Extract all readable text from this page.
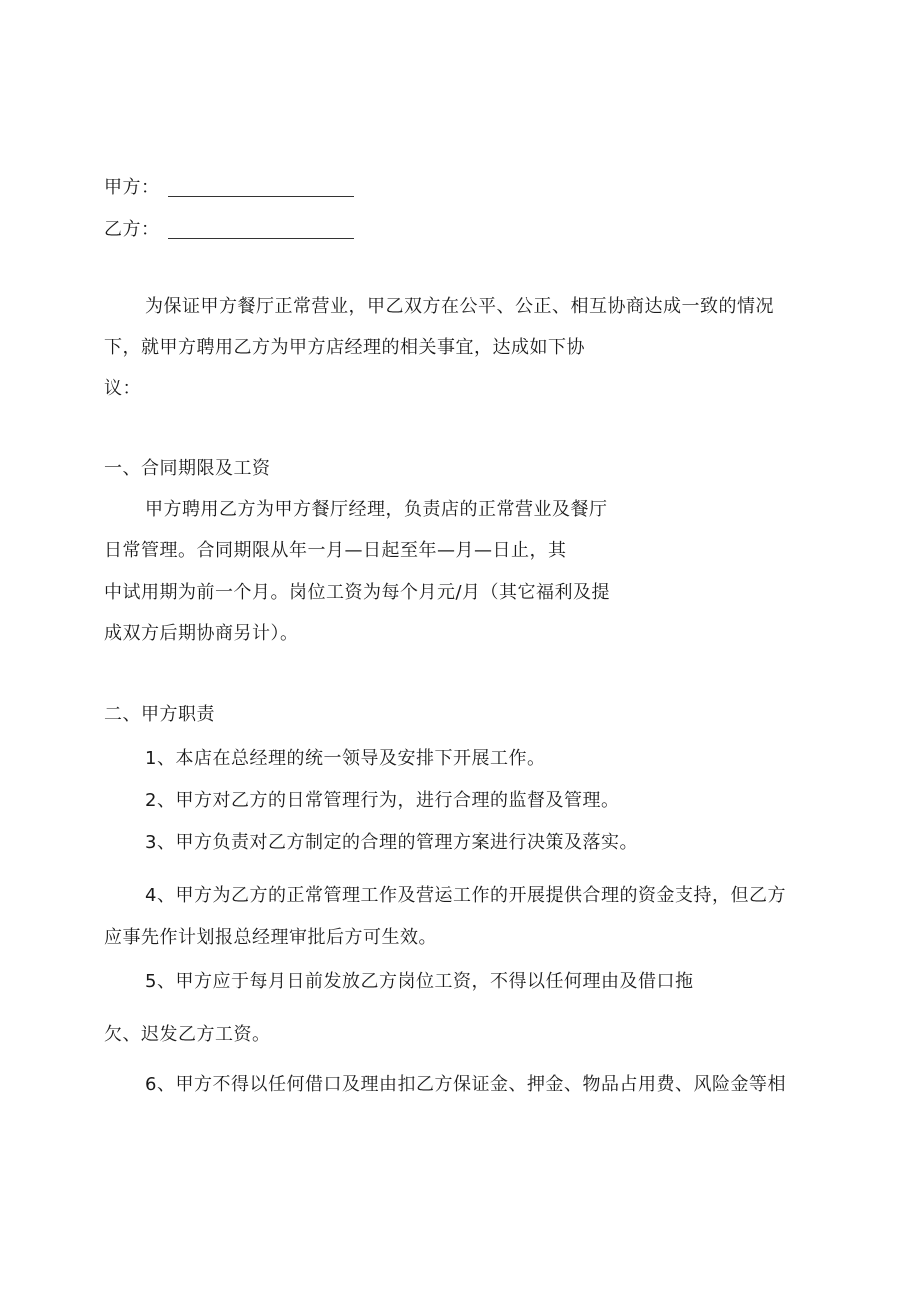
甲方：
乙方：
为保证甲方餐厅正常营业，甲乙双方在公平、公正、相互协商达成一致的情况
下，就甲方聘用乙方为甲方店经理的相关事宜，达成如下协
议：
一、合同期限及工资
甲方聘用乙方为甲方餐厅经理，负责店的正常营业及餐厅
日常管理。合同期限从年一月—日起至年—月—日止，其
中试用期为前一个月。岗位工资为每个月元/月（其它福利及提
成双方后期协商另计）。
二、甲方职责
1、本店在总经理的统一领导及安排下开展工作。
2、甲方对乙方的日常管理行为，进行合理的监督及管理。
3、甲方负责对乙方制定的合理的管理方案进行决策及落实。
4、甲方为乙方的正常管理工作及营运工作的开展提供合理的资金支持，但乙方
应事先作计划报总经理审批后方可生效。
5、甲方应于每月日前发放乙方岗位工资，不得以任何理由及借口拖
欠、迟发乙方工资。
6、甲方不得以任何借口及理由扣乙方保证金、押金、物品占用费、风险金等相
